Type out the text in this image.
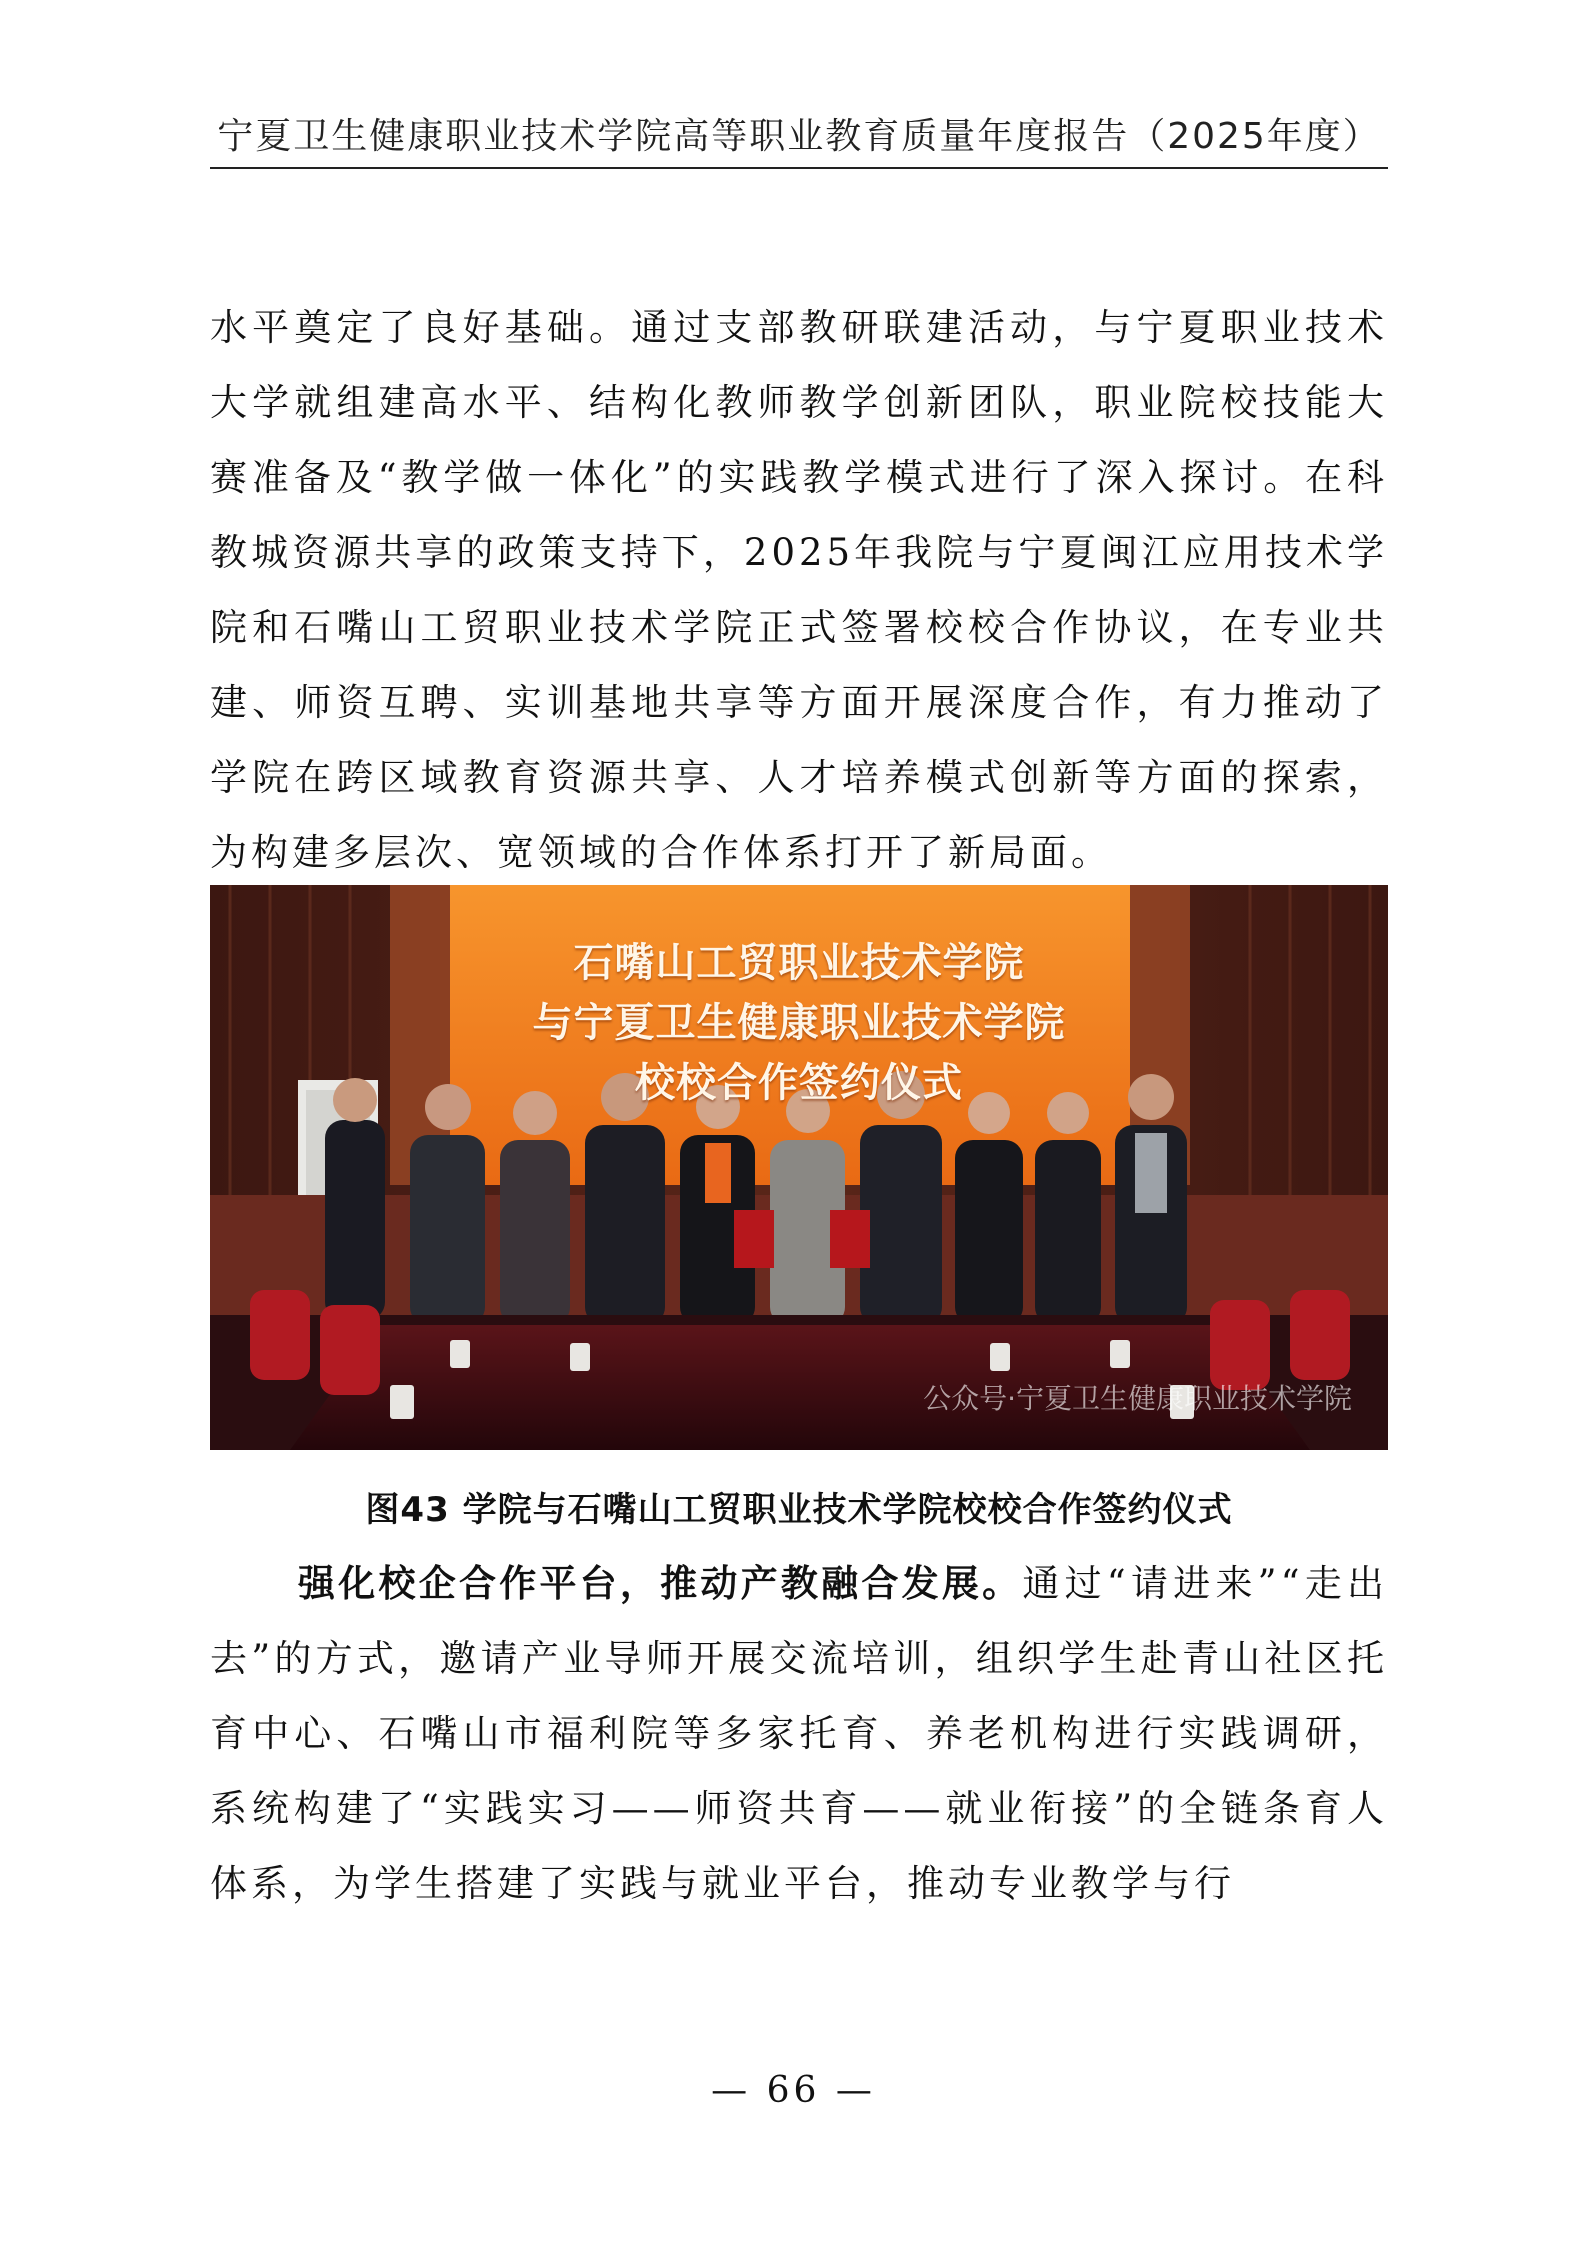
宁夏卫生健康职业技术学院高等职业教育质量年度报告（2025年度）
水平奠定了良好基础。通过支部教研联建活动，与宁夏职业技术大学就组建高水平、结构化教师教学创新团队，职业院校技能大赛准备及“教学做一体化”的实践教学模式进行了深入探讨。在科教城资源共享的政策支持下，2025年我院与宁夏闽江应用技术学院和石嘴山工贸职业技术学院正式签署校校合作协议，在专业共建、师资互聘、实训基地共享等方面开展深度合作，有力推动了学院在跨区域教育资源共享、人才培养模式创新等方面的探索，为构建多层次、宽领域的合作体系打开了新局面。
石嘴山工贸职业技术学院
与宁夏卫生健康职业技术学院
校校合作签约仪式
公众号·宁夏卫生健康职业技术学院
图43 学院与石嘴山工贸职业技术学院校校合作签约仪式
强化校企合作平台，推动产教融合发展。通过“请进来”“走出去”的方式，邀请产业导师开展交流培训，组织学生赴青山社区托育中心、石嘴山市福利院等多家托育、养老机构进行实践调研，系统构建了“实践实习——师资共育——就业衔接”的全链条育人体系，为学生搭建了实践与就业平台，推动专业教学与行
— 66 —
